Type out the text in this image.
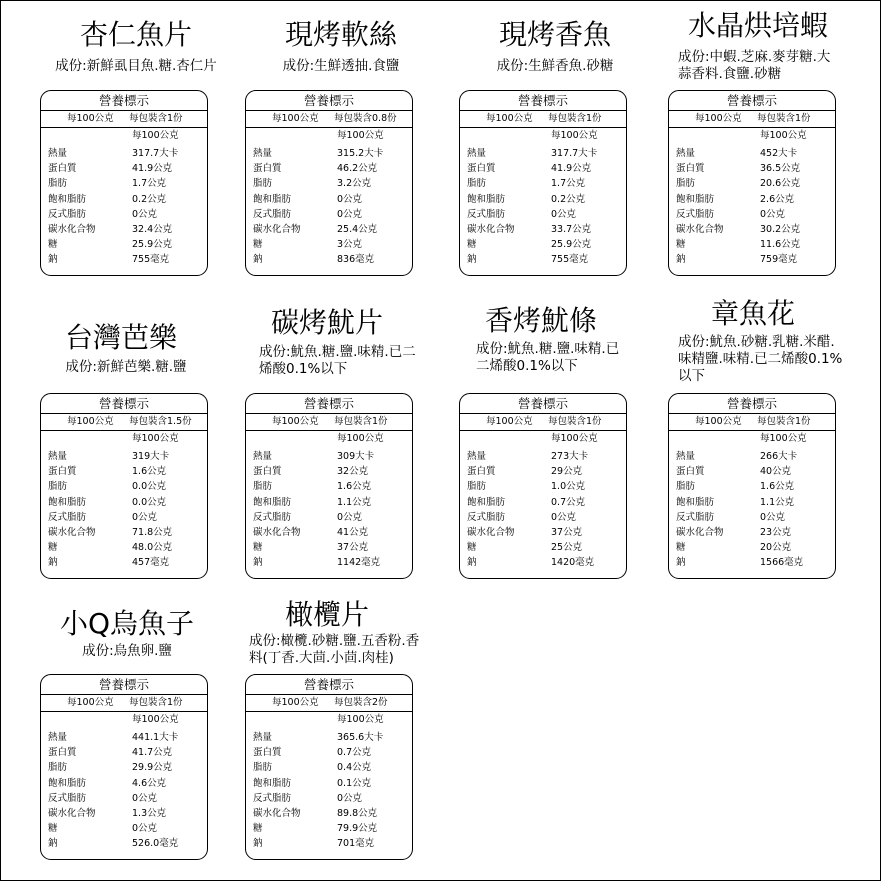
杏仁魚片
成份:新鮮虱目魚.糖.杏仁片
營養標示
每100公克 每包裝含1份
每100公克
熱量	317.7大卡
蛋白質	41.9公克
脂肪	1.7公克
飽和脂肪	0.2公克
反式脂肪	0公克
碳水化合物	32.4公克
糖	25.9公克
鈉	755毫克
現烤軟絲
成份:生鮮透抽.食鹽
營養標示
每100公克 每包裝含0.8份
每100公克
熱量	315.2大卡
蛋白質	46.2公克
脂肪	3.2公克
飽和脂肪	0公克
反式脂肪	0公克
碳水化合物	25.4公克
糖	3公克
鈉	836毫克
現烤香魚
成份:生鮮香魚.砂糖
營養標示
每100公克 每包裝含1份
每100公克
熱量	317.7大卡
蛋白質	41.9公克
脂肪	1.7公克
飽和脂肪	0.2公克
反式脂肪	0公克
碳水化合物	33.7公克
糖	25.9公克
鈉	755毫克
水晶烘培蝦
成份:中蝦.芝麻.麥芽糖.大蒜香料.食鹽.砂糖
營養標示
每100公克 每包裝含1份
每100公克
熱量	452大卡
蛋白質	36.5公克
脂肪	20.6公克
飽和脂肪	2.6公克
反式脂肪	0公克
碳水化合物	30.2公克
糖	11.6公克
鈉	759毫克
台灣芭樂
成份:新鮮芭樂.糖.鹽
營養標示
每100公克 每包裝含1.5份
每100公克
熱量	319大卡
蛋白質	1.6公克
脂肪	0.0公克
飽和脂肪	0.0公克
反式脂肪	0公克
碳水化合物	71.8公克
糖	48.0公克
鈉	457毫克
碳烤魷片
成份:魷魚.糖.鹽.味精.已二烯酸0.1%以下
營養標示
每100公克 每包裝含1份
每100公克
熱量	309大卡
蛋白質	32公克
脂肪	1.6公克
飽和脂肪	1.1公克
反式脂肪	0公克
碳水化合物	41公克
糖	37公克
鈉	1142毫克
香烤魷條
成份:魷魚.糖.鹽.味精.已二烯酸0.1%以下
營養標示
每100公克 每包裝含1份
每100公克
熱量	273大卡
蛋白質	29公克
脂肪	1.0公克
飽和脂肪	0.7公克
反式脂肪	0公克
碳水化合物	37公克
糖	25公克
鈉	1420毫克
章魚花
成份:魷魚.砂糖.乳糖.米醋.味精鹽.味精.已二烯酸0.1%以下
營養標示
每100公克 每包裝含1份
每100公克
熱量	266大卡
蛋白質	40公克
脂肪	1.6公克
飽和脂肪	1.1公克
反式脂肪	0公克
碳水化合物	23公克
糖	20公克
鈉	1566毫克
小Q烏魚子
成份:烏魚卵.鹽
營養標示
每100公克 每包裝含1份
每100公克
熱量	441.1大卡
蛋白質	41.7公克
脂肪	29.9公克
飽和脂肪	4.6公克
反式脂肪	0公克
碳水化合物	1.3公克
糖	0公克
鈉	526.0毫克
橄欖片
成份:橄欖.砂糖.鹽.五香粉.香料(丁香.大茴.小茴.肉桂)
營養標示
每100公克 每包裝含2份
每100公克
熱量	365.6大卡
蛋白質	0.7公克
脂肪	0.4公克
飽和脂肪	0.1公克
反式脂肪	0公克
碳水化合物	89.8公克
糖	79.9公克
鈉	701毫克
